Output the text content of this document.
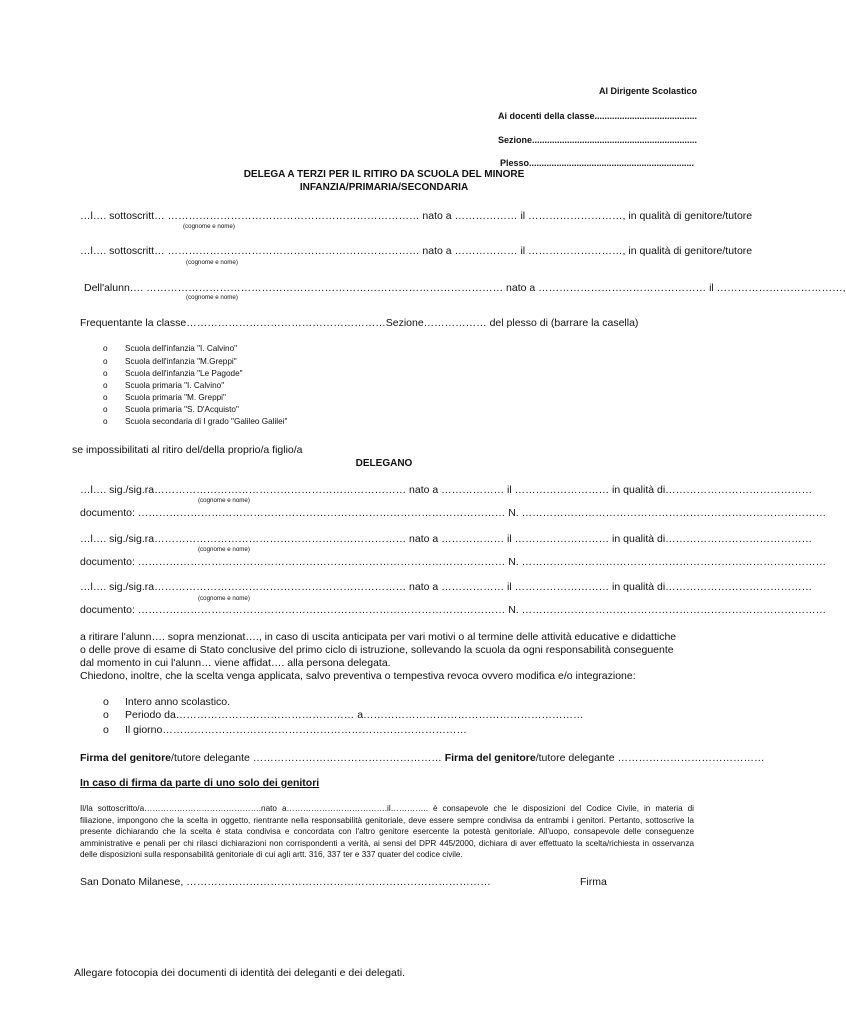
Al Dirigente Scolastico
Ai docenti della classe.........................................
Sezione..................................................................
Plesso..................................................................
DELEGA A TERZI PER IL RITIRO DA SCUOLA DEL MINORE
INFANZIA/PRIMARIA/SECONDARIA
…l…. sottoscritt… ……………………………………………………………… nato a ……………… il ………………………, in qualità di genitore/tutore
(cognome e nome)
…l…. sottoscritt… ……………………………………………………………… nato a ……………… il ………………………, in qualità di genitore/tutore
(cognome e nome)
Dell'alunn…. ………………………………………………………………………………………… nato a ………………………………………… il ………………………………,
(cognome e nome)
Frequentante la classe…………………………………………………Sezione……………… del plesso di (barrare la casella)
o Scuola dell'infanzia "I. Calvino"
o Scuola dell'infanzia "M.Greppi"
o Scuola dell'infanzia "Le Pagode"
o Scuola primaria "I. Calvino"
o Scuola primaria "M. Greppi"
o Scuola primaria "S. D'Acquisto"
o Scuola secondaria di I grado "Galileo Galilei"
se impossibilitati al ritiro del/della proprio/a figlio/a
DELEGANO
…l…. sig./sig.ra……………………………………………………………… nato a ……………… il ……………………… in qualità di……………………………………
(cognome e nome)
documento: …………………………………………………………………………………………… N. ……………………………………………………………………………
…l…. sig./sig.ra……………………………………………………………… nato a ……………… il ……………………… in qualità di……………………………………
(cognome e nome)
documento: …………………………………………………………………………………………… N. ……………………………………………………………………………
…l…. sig./sig.ra……………………………………………………………… nato a ……………… il ……………………… in qualità di……………………………………
(cognome e nome)
documento: …………………………………………………………………………………………… N. ……………………………………………………………………………
a ritirare l'alunn…. sopra menzionat…., in caso di uscita anticipata per vari motivi o al termine delle attività educative e didattiche
o delle prove di esame di Stato conclusive del primo ciclo di istruzione, sollevando la scuola da ogni responsabilità conseguente
dal momento in cui l'alunn… viene affidat…. alla persona delegata.
Chiedono, inoltre, che la scelta venga applicata, salvo preventiva o tempestiva revoca ovvero modifica e/o integrazione:
o Intero anno scolastico.
o Periodo da…………………………………………… a………………………………………………………
o Il giorno……………………………………………………………………………
Firma del genitore/tutore delegante ……………………………………………… Firma del genitore/tutore delegante ……………………………………
In caso di firma da parte di uno solo dei genitori
Il/la sottoscritto/a…………………………………….nato a……………………………….il………….. è consapevole che le disposizioni del Codice Civile, in materia di filiazione, impongono che la scelta in oggetto, rientrante nella responsabilità genitoriale, deve essere sempre condivisa da entrambi i genitori. Pertanto, sottoscrive la presente dichiarando che la scelta è stata condivisa e concordata con l'altro genitore esercente la potestà genitoriale. All'uopo, consapevole delle conseguenze amministrative e penali per chi rilasci dichiarazioni non corrispondenti a verità, ai sensi del DPR 445/2000, dichiara di aver effettuato la scelta/richiesta in osservanza delle disposizioni sulla responsabilità genitoriale di cui agli artt. 316, 337 ter e 337 quater del codice civile.
San Donato Milanese, ……………………………………………………………………………	Firma
Allegare fotocopia dei documenti di identità dei deleganti e dei delegati.
